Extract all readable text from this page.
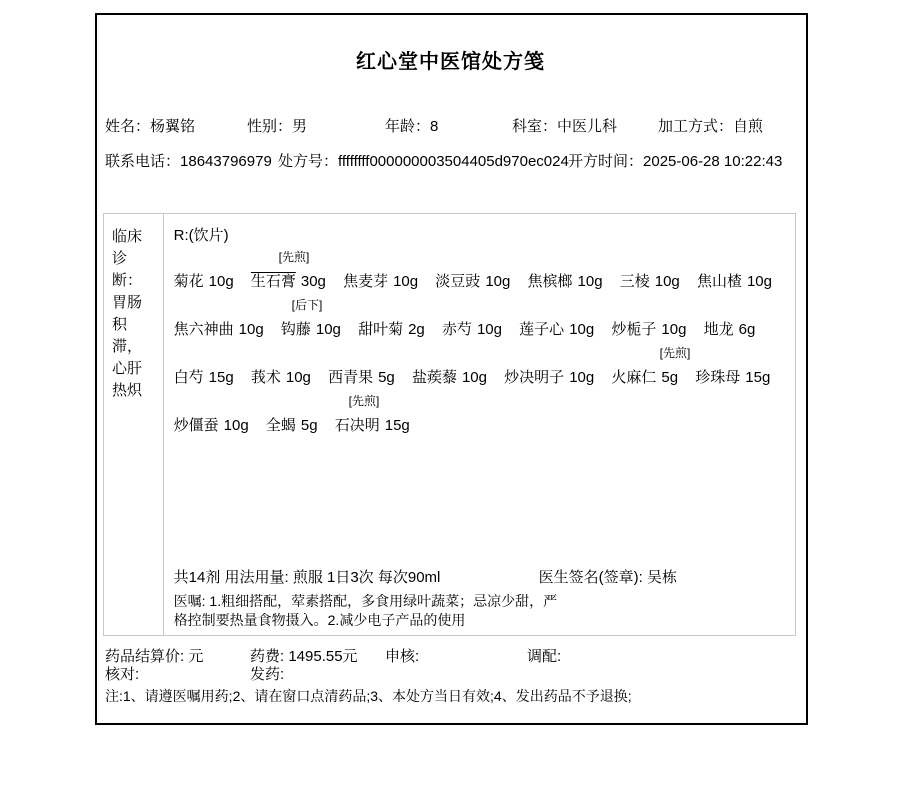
红心堂中医馆处方笺
姓名：杨翼铭	性别：男	年龄：8	科室：中医儿科	加工方式：自煎
联系电话：18643796979 处方号：ffffffff000000003504405d970ec024 开方时间：2025-06-28 10:22:43
临床诊断：胃肠积滞，心肝热炽
R:(饮片)
[先煎]
菊花 10g 生石膏 30g 焦麦芽 10g 淡豆豉 10g 焦槟榔 10g 三棱 10g 焦山楂 10g
[后下]
焦六神曲 10g 钩藤 10g 甜叶菊 2g 赤芍 10g 莲子心 10g 炒栀子 10g 地龙 6g
[先煎]
白芍 15g 莪术 10g 西青果 5g 盐蒺藜 10g 炒决明子 10g 火麻仁 5g 珍珠母 15g
[先煎]
炒僵蚕 10g 全蝎 5g 石决明 15g
共14剂 用法用量: 煎服 1日3次 每次90ml	医生签名(签章): 吴栋
医嘱: 1.粗细搭配，荤素搭配，多食用绿叶蔬菜；忌凉少甜，严格控制要热量食物摄入。2.减少电子产品的使用
药品结算价: 元	药费: 1495.55元 申核:	调配:
核对:	发药:
注:1、请遵医嘱用药;2、请在窗口点清药品;3、本处方当日有效;4、发出药品不予退换;
